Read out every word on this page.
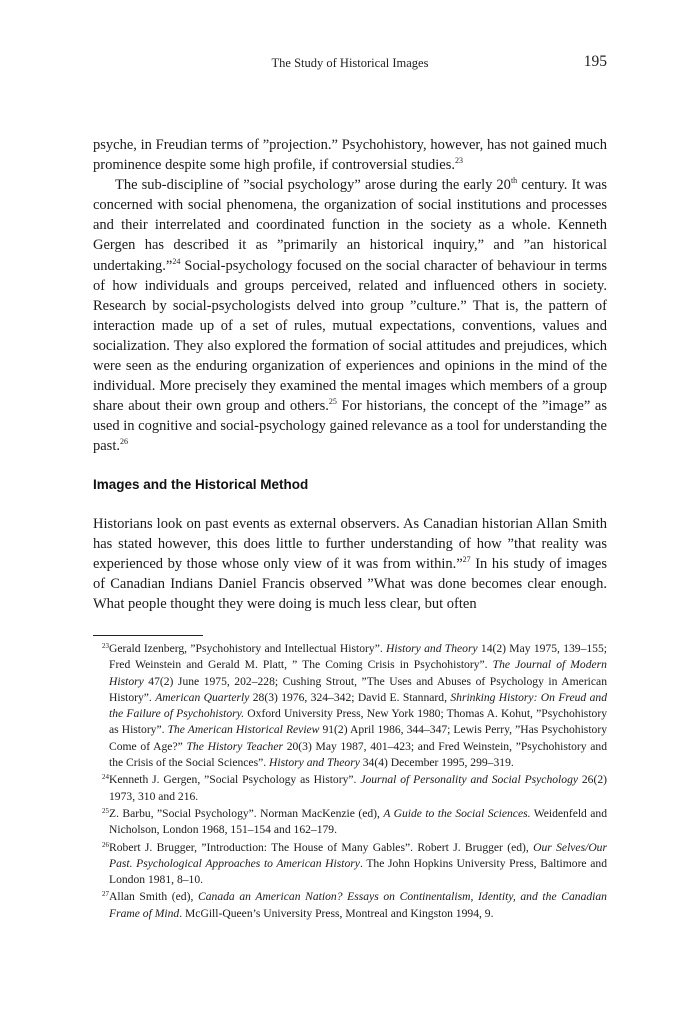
The Study of Historical Images	195

psyche, in Freudian terms of ”projection.” Psychohistory, however, has not gained much prominence despite some high profile, if controversial studies.$^{23}$

The sub-discipline of ”social psychology” arose during the early 20th century. It was concerned with social phenomena, the organization of social institutions and processes and their interrelated and coordinated function in the society as a whole. Kenneth Gergen has described it as ”primarily an historical inquiry,” and ”an historical undertaking.”$^{24}$ Social-psychology focused on the social character of behaviour in terms of how individuals and groups perceived, related and influenced others in society. Research by social-psychologists delved into group ”culture.” That is, the pattern of interaction made up of a set of rules, mutual expectations, conventions, values and socialization. They also explored the formation of social attitudes and prejudices, which were seen as the enduring organization of experiences and opinions in the mind of the individual. More precisely they examined the mental images which members of a group share about their own group and others.$^{25}$ For historians, the concept of the ”image” as used in cognitive and social-psychology gained relevance as a tool for understanding the past.$^{26}$

Images and the Historical Method

Historians look on past events as external observers. As Canadian historian Allan Smith has stated however, this does little to further understanding of how ”that reality was experienced by those whose only view of it was from within.”$^{27}$ In his study of images of Canadian Indians Daniel Francis observed ”What was done becomes clear enough. What people thought they were doing is much less clear, but often

23 Gerald Izenberg, ”Psychohistory and Intellectual History”. History and Theory 14(2) May 1975, 139–155; Fred Weinstein and Gerald M. Platt, ” The Coming Crisis in Psychohistory”. The Journal of Modern History 47(2) June 1975, 202–228; Cushing Strout, ”The Uses and Abuses of Psychology in American History”. American Quarterly 28(3) 1976, 324–342; David E. Stannard, Shrinking History: On Freud and the Failure of Psychohistory. Oxford University Press, New York 1980; Thomas A. Kohut, ”Psychohistory as History”. The American Historical Review 91(2) April 1986, 344–347; Lewis Perry, ”Has Psychohistory Come of Age?” The History Teacher 20(3) May 1987, 401–423; and Fred Weinstein, ”Psychohistory and the Crisis of the Social Sciences”. History and Theory 34(4) December 1995, 299–319.
24 Kenneth J. Gergen, ”Social Psychology as History”. Journal of Personality and Social Psychology 26(2) 1973, 310 and 216.
25 Z. Barbu, ”Social Psychology”. Norman MacKenzie (ed), A Guide to the Social Sciences. Weidenfeld and Nicholson, London 1968, 151–154 and 162–179.
26 Robert J. Brugger, ”Introduction: The House of Many Gables”. Robert J. Brugger (ed), Our Selves/Our Past. Psychological Approaches to American History. The John Hopkins University Press, Baltimore and London 1981, 8–10.
27 Allan Smith (ed), Canada an American Nation? Essays on Continentalism, Identity, and the Canadian Frame of Mind. McGill-Queen’s University Press, Montreal and Kingston 1994, 9.
